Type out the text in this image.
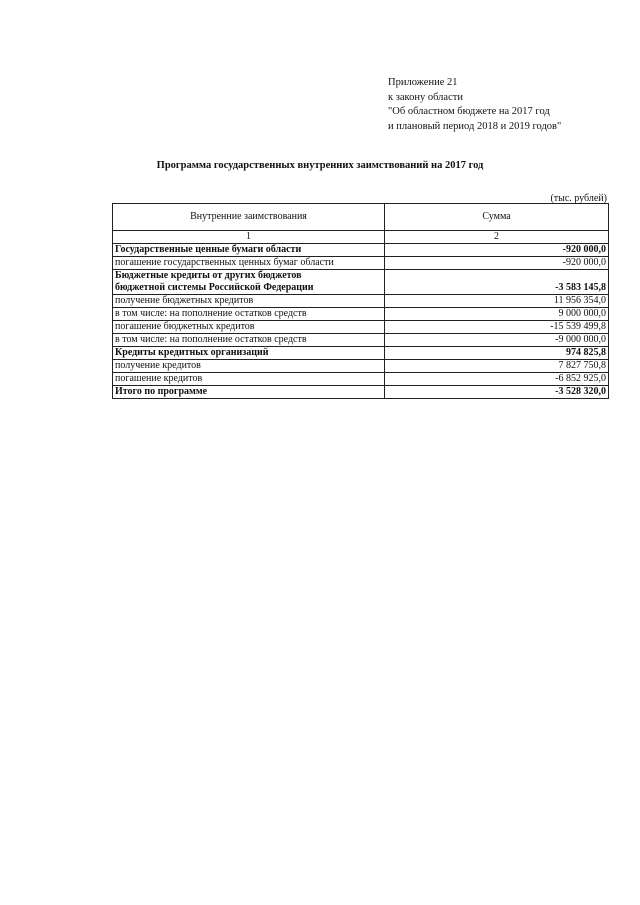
Приложение 21
к закону области
"Об областном бюджете на 2017 год
и плановый период 2018 и 2019 годов"
Программа государственных внутренних заимствований на 2017 год
(тыс. рублей)
Внутренние заимствования	Сумма
1	2
Государственные ценные бумаги области	-920 000,0
погашение государственных ценных бумаг области	-920 000,0

Бюджетные кредиты от других бюджетов
бюджетной системы Российской Федерации	-3 583 145,8
получение бюджетных кредитов	11 956 354,0
в том числе: на пополнение остатков средств	9 000 000,0
погашение бюджетных кредитов	-15 539 499,8
в том числе: на пополнение остатков средств	-9 000 000,0
Кредиты кредитных организаций	974 825,8
получение кредитов	7 827 750,8
погашение кредитов	-6 852 925,0
Итого по программе	-3 528 320,0
